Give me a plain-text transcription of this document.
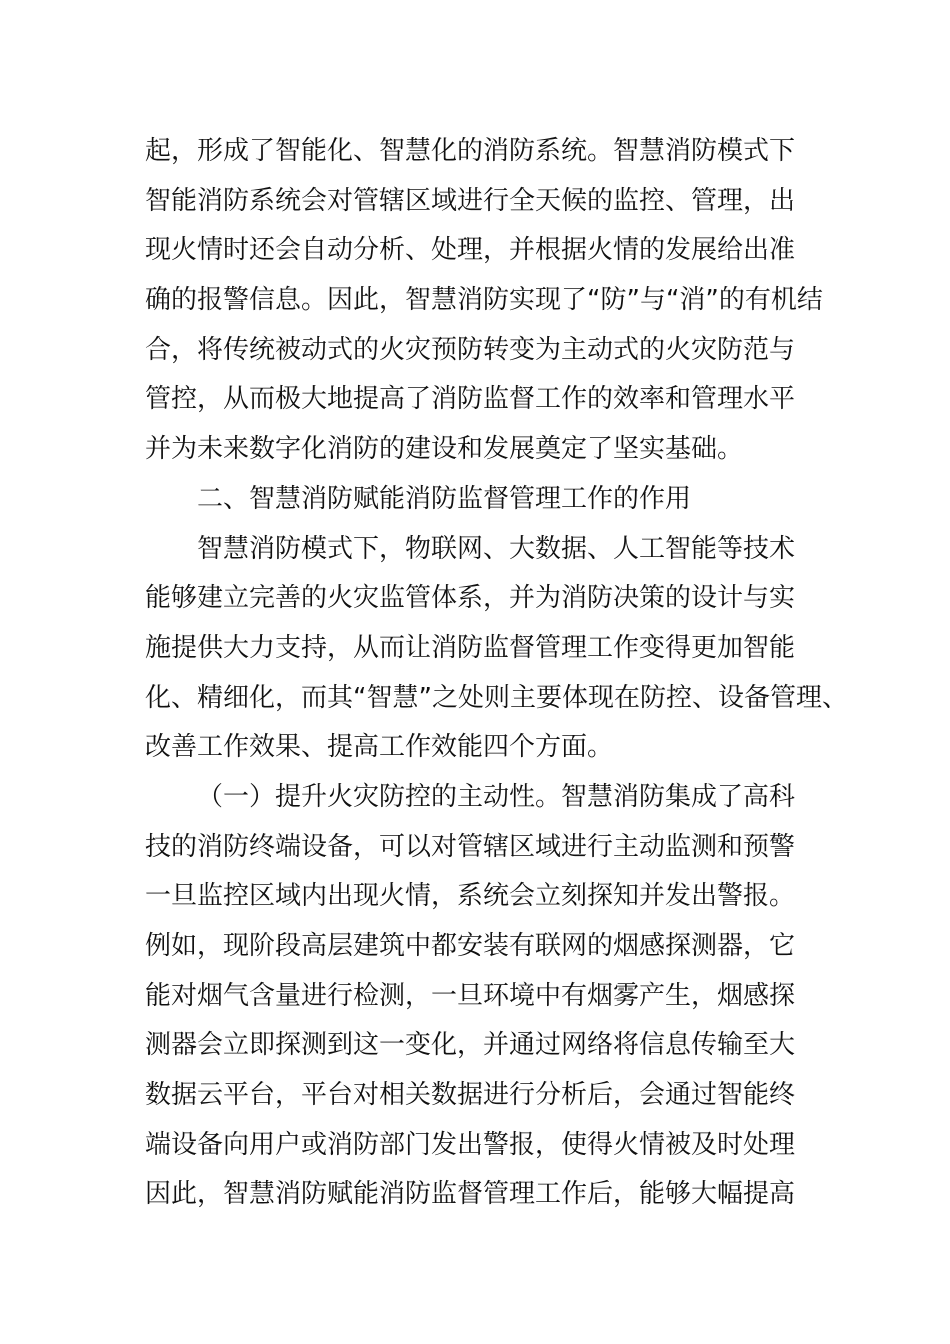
起，形成了智能化、智慧化的消防系统。智慧消防模式下
智能消防系统会对管辖区域进行全天候的监控、管理，出
现火情时还会自动分析、处理，并根据火情的发展给出准
确的报警信息。因此，智慧消防实现了“防”与“消”的有机结
合，将传统被动式的火灾预防转变为主动式的火灾防范与
管控，从而极大地提高了消防监督工作的效率和管理水平
并为未来数字化消防的建设和发展奠定了坚实基础。
二、智慧消防赋能消防监督管理工作的作用
智慧消防模式下，物联网、大数据、人工智能等技术
能够建立完善的火灾监管体系，并为消防决策的设计与实
施提供大力支持，从而让消防监督管理工作变得更加智能
化、精细化，而其“智慧”之处则主要体现在防控、设备管理、
改善工作效果、提高工作效能四个方面。
（一）提升火灾防控的主动性。智慧消防集成了高科
技的消防终端设备，可以对管辖区域进行主动监测和预警
一旦监控区域内出现火情，系统会立刻探知并发出警报。
例如，现阶段高层建筑中都安装有联网的烟感探测器，它
能对烟气含量进行检测，一旦环境中有烟雾产生，烟感探
测器会立即探测到这一变化，并通过网络将信息传输至大
数据云平台，平台对相关数据进行分析后，会通过智能终
端设备向用户或消防部门发出警报，使得火情被及时处理
因此，智慧消防赋能消防监督管理工作后，能够大幅提高
